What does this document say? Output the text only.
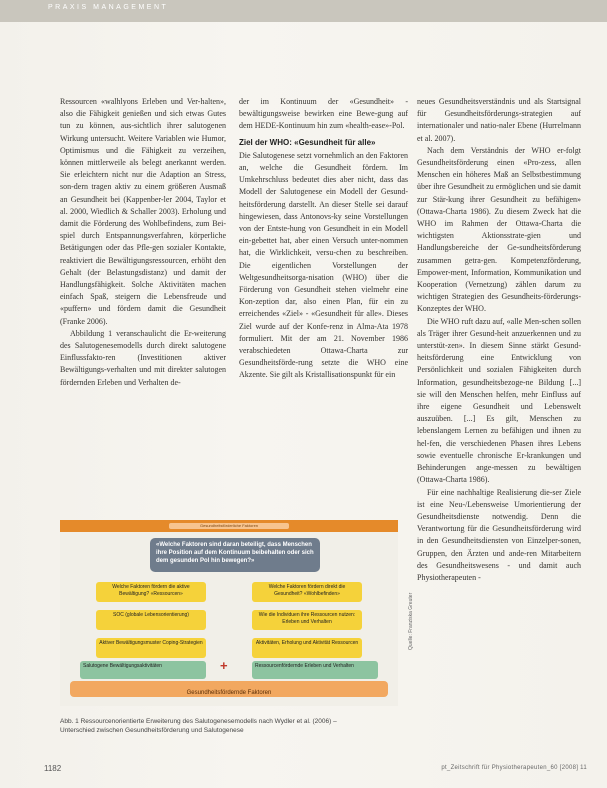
PRAXIS MANAGEMENT

Ressourcen «walhlyons Erleben und Ver-halten», also die Fähigkeit genießen und sich etwas Gutes tun zu können, aus-sichtlich ihrer salutogenen Wirkung untersucht. Weitere Variablen wie Humor, Optimismus und die Fähigkeit zu verzeihen, können mittlerweile als belegt anerkannt werden. Sie erleichtern nicht nur die Adaption an Stress, son-dern tragen aktiv zu einem größeren Ausmaß an Gesundheit bei (Kappenber-ler 2004, Taylor et al. 2000, Wiedlich & Schaller 2003). Erholung und damit die Förderung des Wohlbefindens, zum Bei-spiel durch Entspannungsverfahren, körperliche Betätigungen oder das Pfle-gen sozialer Kontakte, reaktiviert die Bewältigungsressourcen, erhöht den Gehalt (der Belastungsdistanz) und damit der Handlungsfähigkeit. Solche Aktivitäten machen einfach Spaß, steigern die Lebensfreude und «puffern» und fördern damit die Gesundheit (Franke 2006).

Abbildung 1 veranschaulicht die Er-weiterung des Salutogenesemodells durch direkt salutogene Einflussfakto-ren (Investitionen aktiver Bewältigungs-verhalten und mit direkter salutogen fördernden Erleben und Verhalten de-

der im Kontinuum der «Gesundheit» -bewältigungsweise bewirken eine Bewe-gung auf dem HEDE-Kontinuum hin zum «health-ease»-Pol.

Ziel der WHO: «Gesundheit für alle»

Die Salutogenese setzt vornehmlich an den Faktoren an, welche die Gesundheit fördern. Im Umkehrschluss bedeutet dies aber nicht, dass das Modell der Salutogenese ein Modell der Gesund-heitsförderung darstellt. An dieser Stelle sei darauf hingewiesen, dass Antonovs-ky seine Vorstellungen von der Entste-hung von Gesundheit in ein Modell ein-gebettet hat, aber einen Versuch unter-nommen hat, die Wirklichkeit, versu-chen zu beschreiben. Die eigentlichen Vorstellungen der Weltgesundheitsorga-nisation (WHO) über die Förderung von Gesundheit stehen vielmehr eine Kon-zeption dar, also einen Plan, für ein zu erreichendes «Ziel» - «Gesundheit für alle». Dieses Ziel wurde auf der Konfe-renz in Alma-Ata 1978 formuliert. Mit der am 21. November 1986 verabschiedeten Ottawa-Charta zur Gesundheitsförde-rung setzte die WHO eine Akzente. Sie gilt als Kristallisationspunkt für ein

neues Gesundheitsverständnis und als Startsignal für Gesundheitsförderungs-strategien auf internationaler und natio-naler Ebene (Hurrelmann et al. 2007).

Nach dem Verständnis der WHO er-folgt Gesundheitsförderung einen «Pro-zess, allen Menschen ein höheres Maß an Selbstbestimmung über ihre Gesundheit zu ermöglichen und sie damit zur Stär-kung ihrer Gesundheit zu befähigen» (Ottawa-Charta 1986). Zu diesem Zweck hat die WHO im Rahmen der Ottawa-Charta die wichtigsten Aktionsstrate-gien und Handlungsbereiche der Ge-sundheitsförderung zusammen getra-gen. Kompetenzförderung, Empower-ment, Information, Kommunikation und Kooperation (Vernetzung) zählen darum zu wichtigen Strategien des Gesundheits-förderungs-Konzeptes der WHO.

Die WHO ruft dazu auf, «alle Men-schen sollen als Träger ihrer Gesund-heit anzuerkennen und zu unterstüt-zen». In diesem Sinne stärkt Gesund-heitsförderung eine Entwicklung von Persönlichkeit und sozialen Fähigkeiten durch Information, gesundheitsbezoge-ne Bildung [...] sie will den Menschen helfen, mehr Einfluss auf ihre eigene Gesundheit und Lebenswelt auszuüben. [...] Es gilt, Menschen zu lebenslangem Lernen zu befähigen und ihnen zu hel-fen, die verschiedenen Phasen ihres Lebens sowie eventuelle chronische Er-krankungen und Behinderungen ange-messen zu bewältigen (Ottawa-Charta 1986).

Für eine nachhaltige Realisierung die-ser Ziele ist eine Neu-/Lebensweise Umorientierung der Gesundheitsdienste notwendig. Denn die Verantwortung für die Gesundheitsförderung wird in den Gesundheitsdiensten von Einzelper-sonen, Gruppen, den Ärzten und ande-ren Mitarbeitern des Gesundheitswesens - und damit auch Physiotherapeuten -

Gesundheitsförderliche Faktoren
«Welche Faktoren sind daran beteiligt, dass Menschen ihre Position auf dem Kontinuum beibehalten oder sich dem gesunden Pol hin bewegen?»
Welche Faktoren fördern die aktive Bewältigung? «Ressourcen»
SOC (globale Lebensorientierung)
Aktiver Bewältigungsmuster Coping-Strategien
Welche Faktoren fördern direkt die Gesundheit? «Wohlbefinden»
Wie die Individuen ihre Ressourcen nutzen: Erleben und Verhalten
Aktivitäten, Erholung und Aktivität Ressourcen
Salutogene Bewältigungsaktivitäten	+	Ressourcenfördernde Erleben und Verhalten
Gesundheitsfördernde Faktoren
Quelle: Franziska Greuter
Abb. 1 Ressourcenorientierte Erweiterung des Salutogenesemodells nach Wydler et al. (2006) – Unterschied zwischen Gesundheitsförderung und Salutogenese
1182	pt_Zeitschrift für Physiotherapeuten_60 [2008] 11
